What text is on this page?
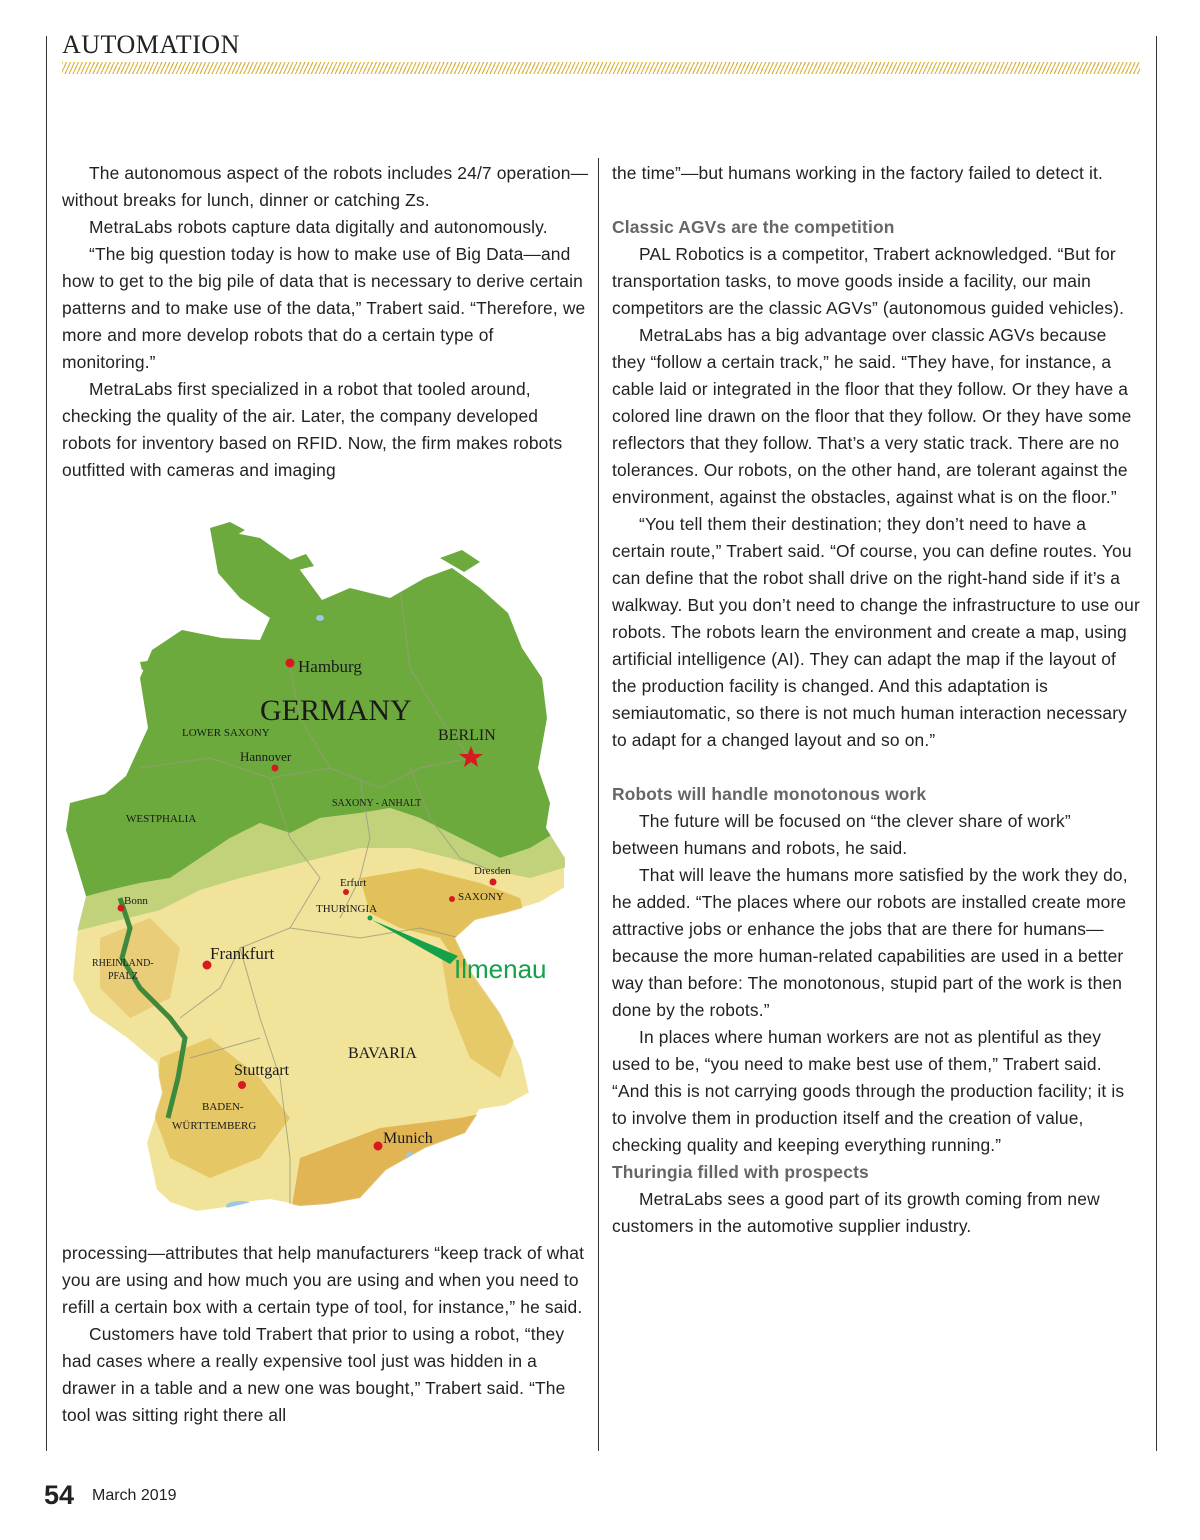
AUTOMATION

The autonomous aspect of the robots includes 24/7 operation—without breaks for lunch, dinner or catching Zs.

MetraLabs robots capture data digitally and autonomously.

“The big question today is how to make use of Big Data—and how to get to the big pile of data that is necessary to derive certain patterns and to make use of the data,” Trabert said. “Therefore, we more and more develop robots that do a certain type of monitoring.”

MetraLabs first specialized in a robot that tooled around, checking the quality of the air. Later, the company developed robots for inventory based on RFID. Now, the firm makes robots outfitted with cameras and imaging

GERMANY
LOWER SAXONY
WESTPHALIA
SAXONY - ANHALT
SAXONY
THURINGIA
RHEINLAND-
PFALZ
BAVARIA
BADEN-
WÜRTTEMBERG
Hamburg
BERLIN
Hannover
Dresden
Erfurt
Bonn
Frankfurt
Stuttgart
Munich
Ilmenau

processing—attributes that help manufacturers “keep track of what you are using and how much you are using and when you need to refill a certain box with a certain type of tool, for instance,” he said.

Customers have told Trabert that prior to using a robot, “they had cases where a really expensive tool just was hidden in a drawer in a table and a new one was bought,” Trabert said. “The tool was sitting right there all

the time”—but humans working in the factory failed to detect it.

Classic AGVs are the competition

PAL Robotics is a competitor, Trabert acknowledged. “But for transportation tasks, to move goods inside a facility, our main competitors are the classic AGVs” (autonomous guided vehicles).

MetraLabs has a big advantage over classic AGVs because they “follow a certain track,” he said. “They have, for instance, a cable laid or integrated in the floor that they follow. Or they have a colored line drawn on the floor that they follow. Or they have some reflectors that they follow. That’s a very static track. There are no tolerances. Our robots, on the other hand, are tolerant against the environment, against the obstacles, against what is on the floor.”

“You tell them their destination; they don’t need to have a certain route,” Trabert said. “Of course, you can define routes. You can define that the robot shall drive on the right-hand side if it’s a walkway. But you don’t need to change the infrastructure to use our robots. The robots learn the environment and create a map, using artificial intelligence (AI). They can adapt the map if the layout of the production facility is changed. And this adaptation is semiautomatic, so there is not much human interaction necessary to adapt for a changed layout and so on.”

Robots will handle monotonous work

The future will be focused on “the clever share of work” between humans and robots, he said.

That will leave the humans more satisfied by the work they do, he added. “The places where our robots are installed create more attractive jobs or enhance the jobs that are there for humans—because the more human-related capabilities are used in a better way than before: The monotonous, stupid part of the work is then done by the robots.”

In places where human workers are not as plentiful as they used to be, “you need to make best use of them,” Trabert said. “And this is not carrying goods through the production facility; it is to involve them in production itself and the creation of value, checking quality and keeping everything running.”

Thuringia filled with prospects

MetraLabs sees a good part of its growth coming from new customers in the automotive supplier industry.

54 March 2019
